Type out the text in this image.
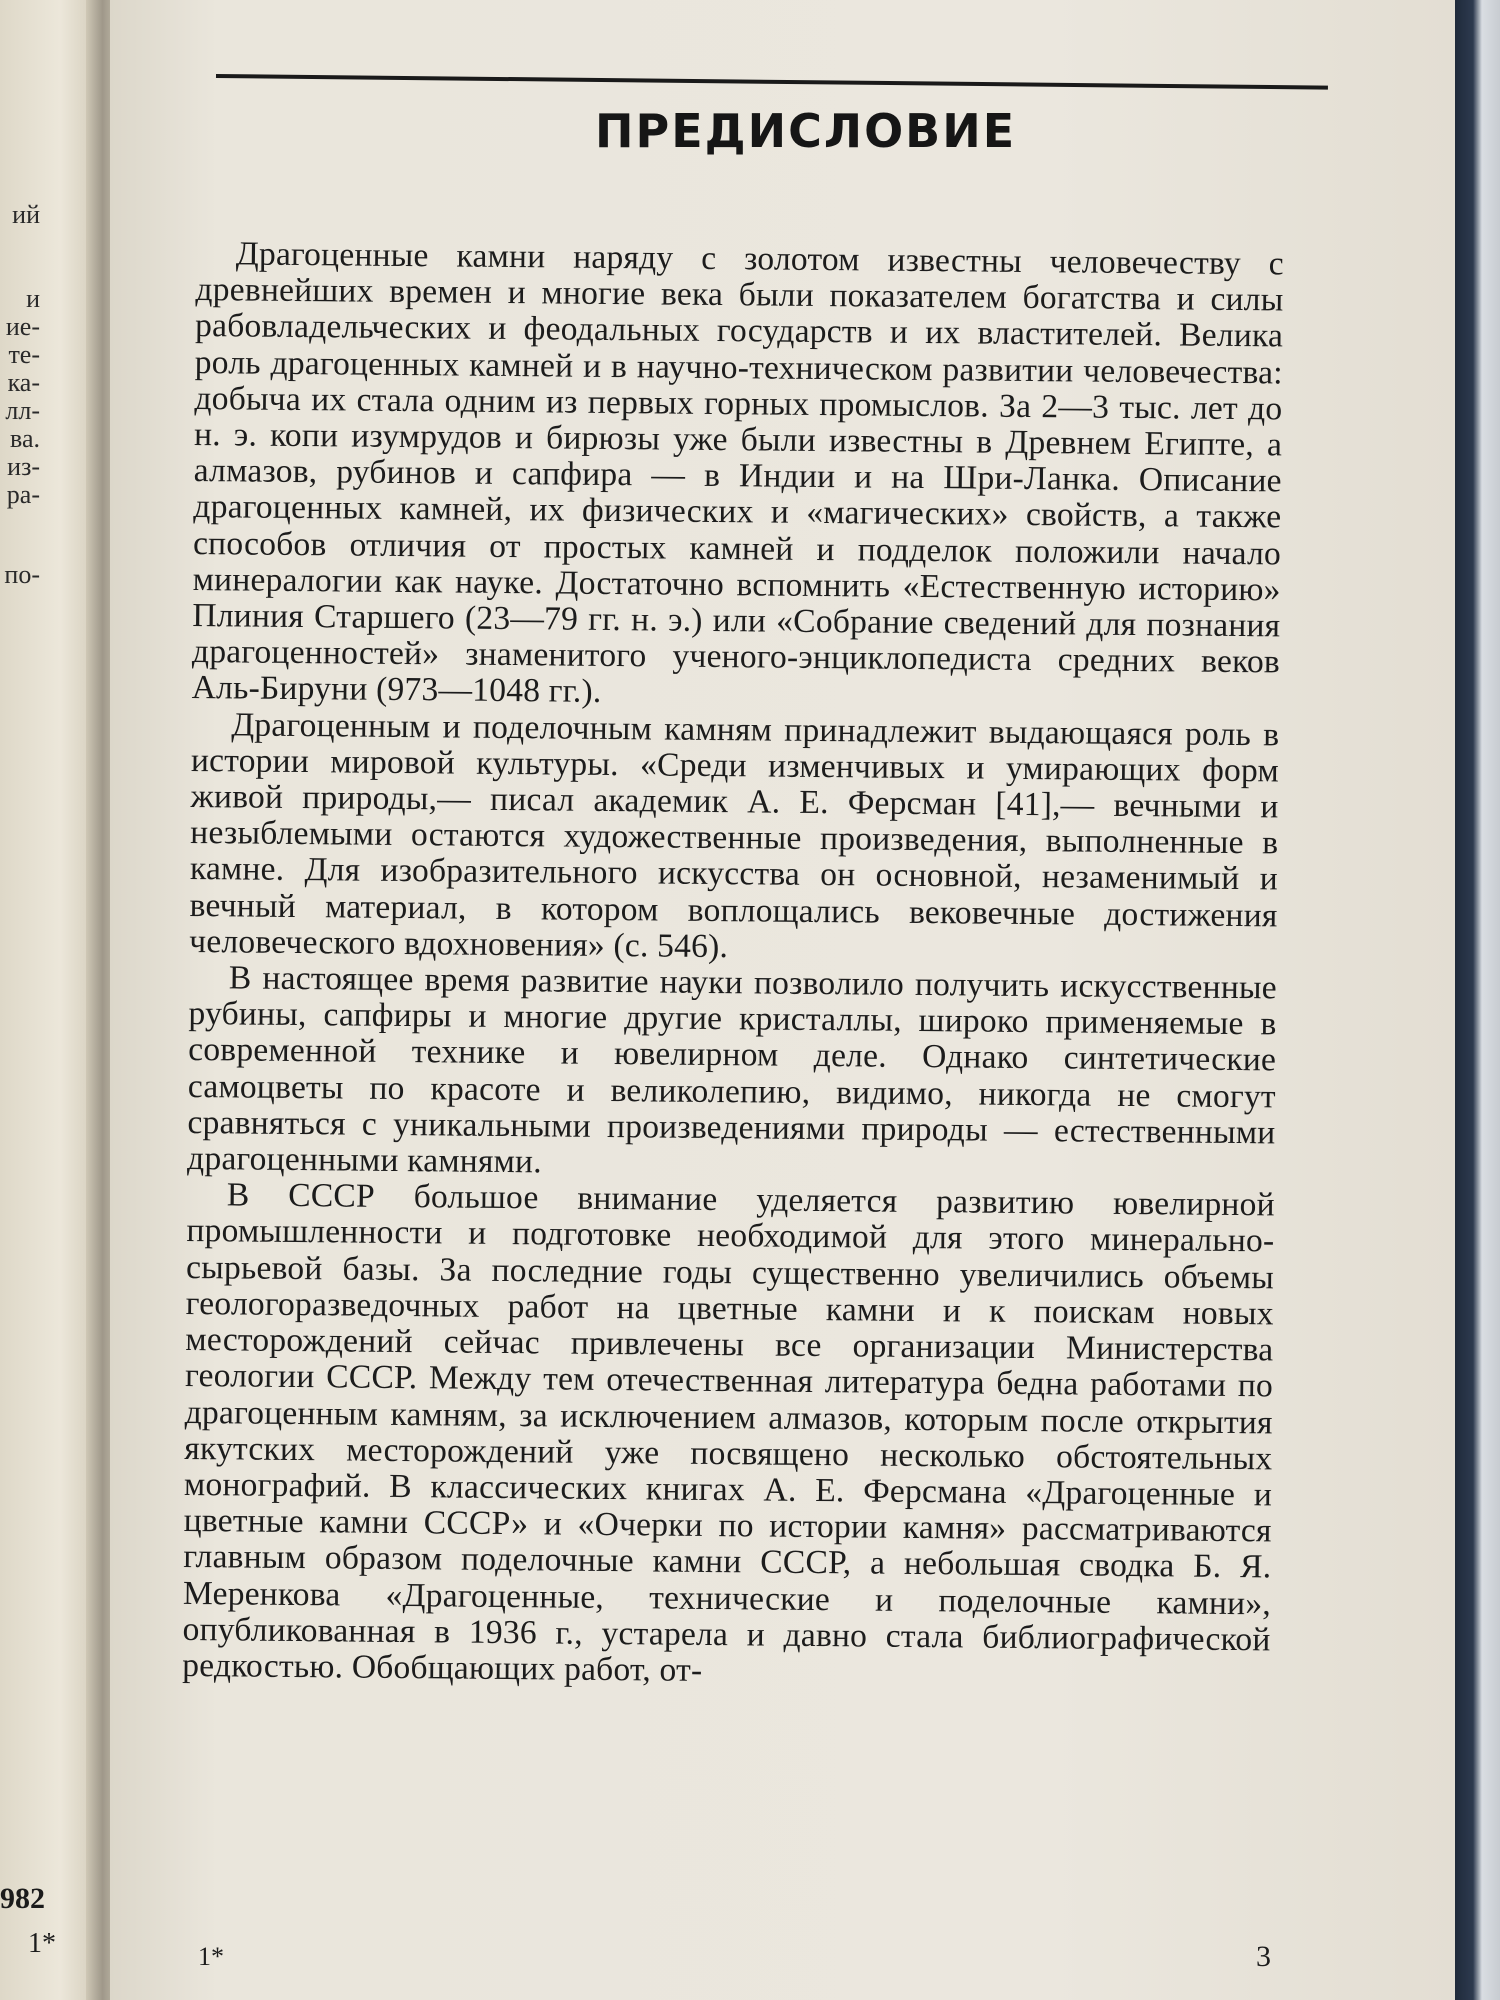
ий
и
ие-
те-
ка-
лл-
ва.
из-
ра-
по-
982
1*
ПРЕДИСЛОВИЕ

Драгоценные камни наряду с золотом известны человечеству с древнейших времен и многие века были показателем богатства и силы рабовладельческих и феодальных государств и их властителей. Велика роль драгоценных камней и в научно-техническом развитии человечества: добыча их стала одним из первых горных промыслов. За 2—3 тыс. лет до н. э. копи изумрудов и бирюзы уже были известны в Древнем Египте, а алмазов, рубинов и сапфира — в Индии и на Шри-Ланка. Описание драгоценных камней, их физических и «магических» свойств, а также способов отличия от простых камней и подделок положили начало минералогии как науке. Достаточно вспомнить «Естественную историю» Плиния Старшего (23—79 гг. н. э.) или «Собрание сведений для познания драгоценностей» знаменитого ученого-энциклопедиста средних веков Аль-Бируни (973—1048 гг.).

Драгоценным и поделочным камням принадлежит выдающаяся роль в истории мировой культуры. «Среди изменчивых и умирающих форм живой природы,— писал академик А. Е. Ферсман [41],— вечными и незыблемыми остаются художественные произведения, выполненные в камне. Для изобразительного искусства он основной, незаменимый и вечный материал, в котором воплощались вековечные достижения человеческого вдохновения» (с. 546).

В настоящее время развитие науки позволило получить искусственные рубины, сапфиры и многие другие кристаллы, широко применяемые в современной технике и ювелирном деле. Однако синтетические самоцветы по красоте и великолепию, видимо, никогда не смогут сравняться с уникальными произведениями природы — естественными драгоценными камнями.

В СССР большое внимание уделяется развитию ювелирной промышленности и подготовке необходимой для этого минерально-сырьевой базы. За последние годы существенно увеличились объемы геологоразведочных работ на цветные камни и к поискам новых месторождений сейчас привлечены все организации Министерства геологии СССР. Между тем отечественная литература бедна работами по драгоценным камням, за исключением алмазов, которым после открытия якутских месторождений уже посвящено несколько обстоятельных монографий. В классических книгах А. Е. Ферсмана «Драгоценные и цветные камни СССР» и «Очерки по истории камня» рассматриваются главным образом поделочные камни СССР, а небольшая сводка Б. Я. Меренкова «Драгоценные, технические и поделочные камни», опубликованная в 1936 г., устарела и давно стала библиографической редкостью. Обобщающих работ, от-

1*	3
